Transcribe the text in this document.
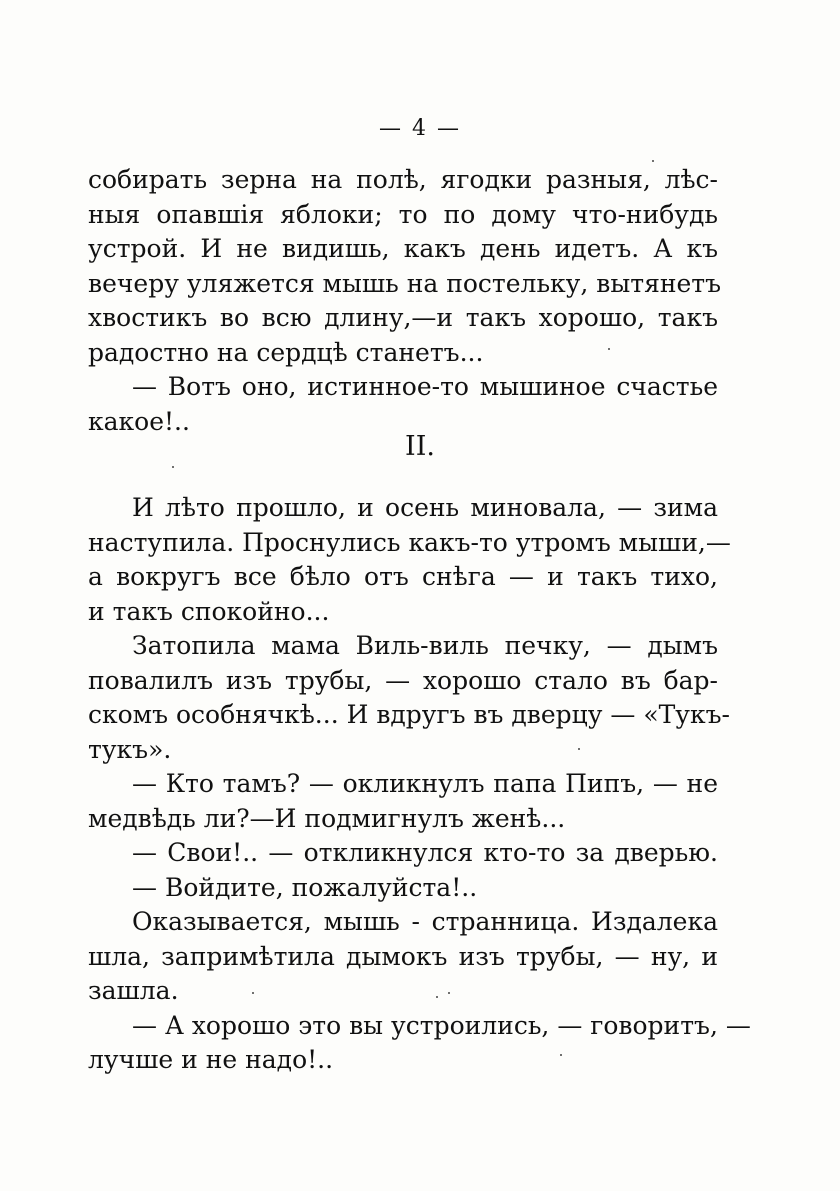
— 4 —
собирать зерна на полѣ, ягодки разныя, лѣс-
ныя опавшія яблоки; то по дому что-нибудь
устрой. И не видишь, какъ день идетъ. А къ
вечеру уляжется мышь на постельку, вытянетъ
хвостикъ во всю длину,—и такъ хорошо, такъ
радостно на сердцѣ станетъ...
— Вотъ оно, истинное-то мышиное счастье
какое!..
II.
И лѣто прошло, и осень миновала, — зима
наступила. Проснулись какъ-то утромъ мыши,—
а вокругъ все бѣло отъ снѣга — и такъ тихо,
и такъ спокойно...
Затопила мама Виль-виль печку, — дымъ
повалилъ изъ трубы, — хорошо стало въ бар-
скомъ особнячкѣ... И вдругъ въ дверцу — «Тукъ-
тукъ».
— Кто тамъ? — окликнулъ папа Пипъ, — не
медвѣдь ли?—И подмигнулъ женѣ...
— Свои!.. — откликнулся кто-то за дверью.
— Войдите, пожалуйста!..
Оказывается, мышь - странница. Издалека
шла, запримѣтила дымокъ изъ трубы, — ну, и
зашла.
— А хорошо это вы устроились, — говоритъ, —
лучше и не надо!..
